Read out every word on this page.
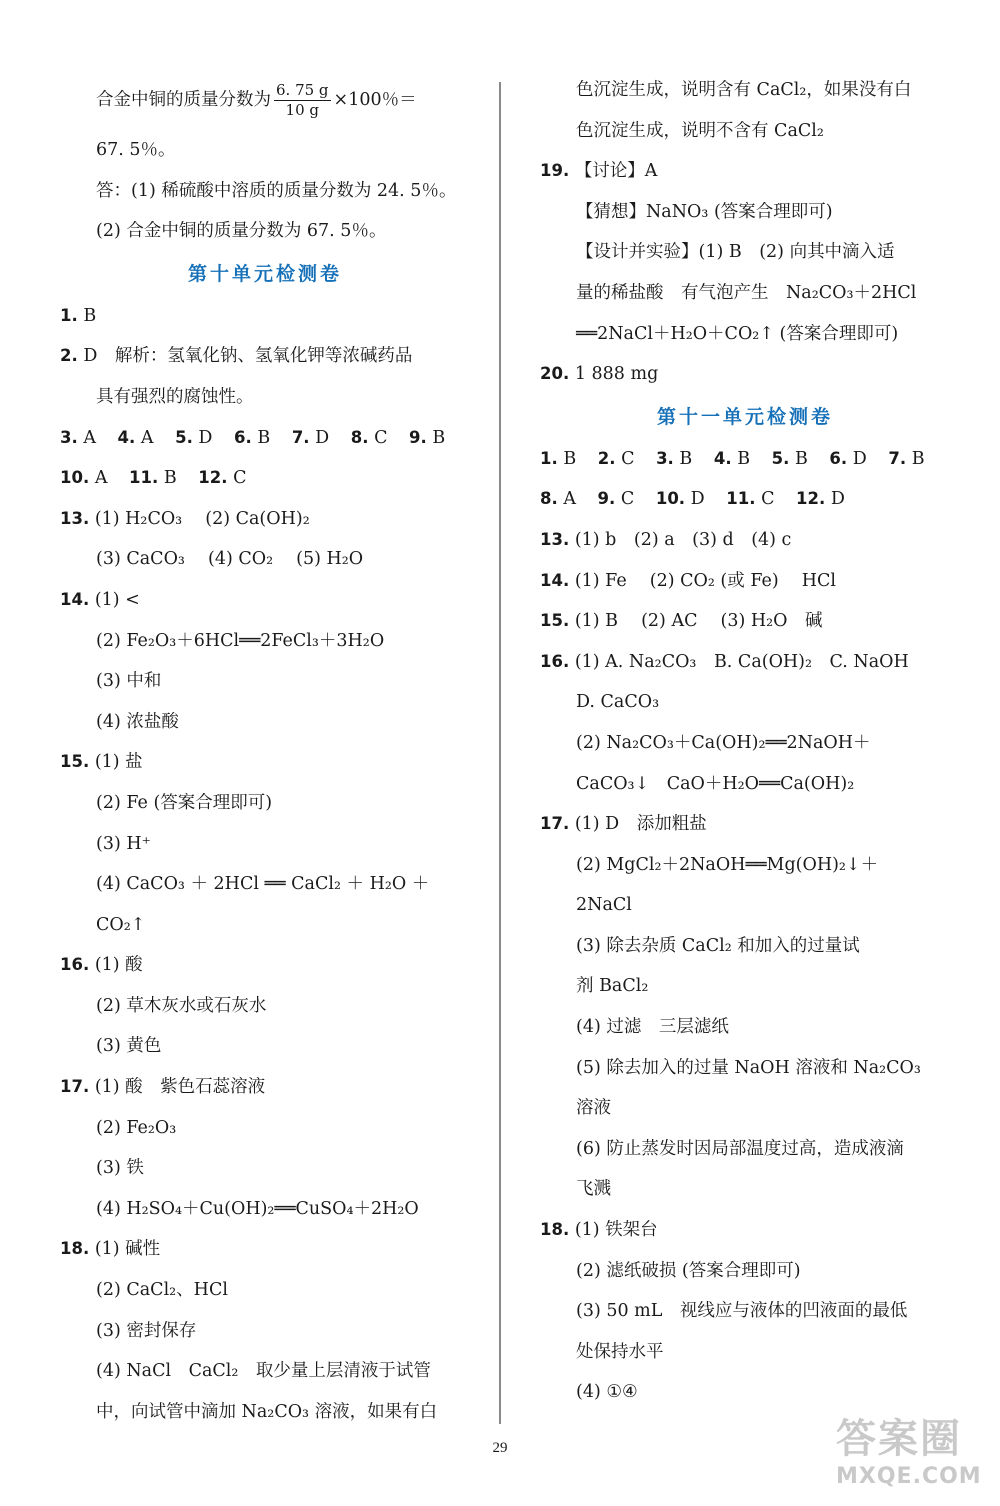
合金中铜的质量分数为 $\frac{6. 75 g}{10 g} \times 100$％＝
67. 5％。
答：(1) 稀硫酸中溶质的质量分数为 24. 5％。
(2) 合金中铜的质量分数为 67. 5％。
第十单元检测卷
1. B
2. D　解析：氢氧化钠、氢氧化钾等浓碱药品
具有强烈的腐蚀性。
3. A 4. A 5. D 6. B 7. D 8. C 9. B
10. A 11. B 12. C
13. (1) H₂CO₃　 (2) Ca(OH)₂
(3) CaCO₃　 (4) CO₂　 (5) H₂O
14. (1) <
(2) Fe₂O₃＋6HCl══2FeCl₃＋3H₂O
(3) 中和
(4) 浓盐酸
15. (1) 盐
(2) Fe (答案合理即可)
(3) H⁺
(4) CaCO₃ ＋ 2HCl ══ CaCl₂ ＋ H₂O ＋
CO₂↑
16. (1) 酸
(2) 草木灰水或石灰水
(3) 黄色
17. (1) 酸　紫色石蕊溶液
(2) Fe₂O₃
(3) 铁
(4) H₂SO₄＋Cu(OH)₂══CuSO₄＋2H₂O
18. (1) 碱性
(2) CaCl₂、HCl
(3) 密封保存
(4) NaCl　CaCl₂　取少量上层清液于试管
中，向试管中滴加 Na₂CO₃ 溶液，如果有白
色沉淀生成，说明含有 CaCl₂，如果没有白
色沉淀生成，说明不含有 CaCl₂
19. 【讨论】A
【猜想】NaNO₃ (答案合理即可)
【设计并实验】(1) B　(2) 向其中滴入适
量的稀盐酸　有气泡产生　Na₂CO₃＋2HCl
══2NaCl＋H₂O＋CO₂↑ (答案合理即可)
20. 1 888 mg
第十一单元检测卷
1. B 2. C 3. B 4. B 5. B 6. D 7. B
8. A 9. C 10. D 11. C 12. D
13. (1) b　(2) a　(3) d　(4) c
14. (1) Fe　 (2) CO₂ (或 Fe)　 HCl
15. (1) B　 (2) AC　 (3) H₂O　碱
16. (1) A. Na₂CO₃　B. Ca(OH)₂　C. NaOH
D. CaCO₃
(2) Na₂CO₃＋Ca(OH)₂══2NaOH＋
CaCO₃↓　CaO＋H₂O══Ca(OH)₂
17. (1) D　添加粗盐
(2) MgCl₂＋2NaOH══Mg(OH)₂↓＋
2NaCl
(3) 除去杂质 CaCl₂ 和加入的过量试
剂 BaCl₂
(4) 过滤　三层滤纸
(5) 除去加入的过量 NaOH 溶液和 Na₂CO₃
溶液
(6) 防止蒸发时因局部温度过高，造成液滴
飞溅
18. (1) 铁架台
(2) 滤纸破损 (答案合理即可)
(3) 50 mL　视线应与液体的凹液面的最低
处保持水平
(4) ①④
29	答案圈
MXQE.COM
